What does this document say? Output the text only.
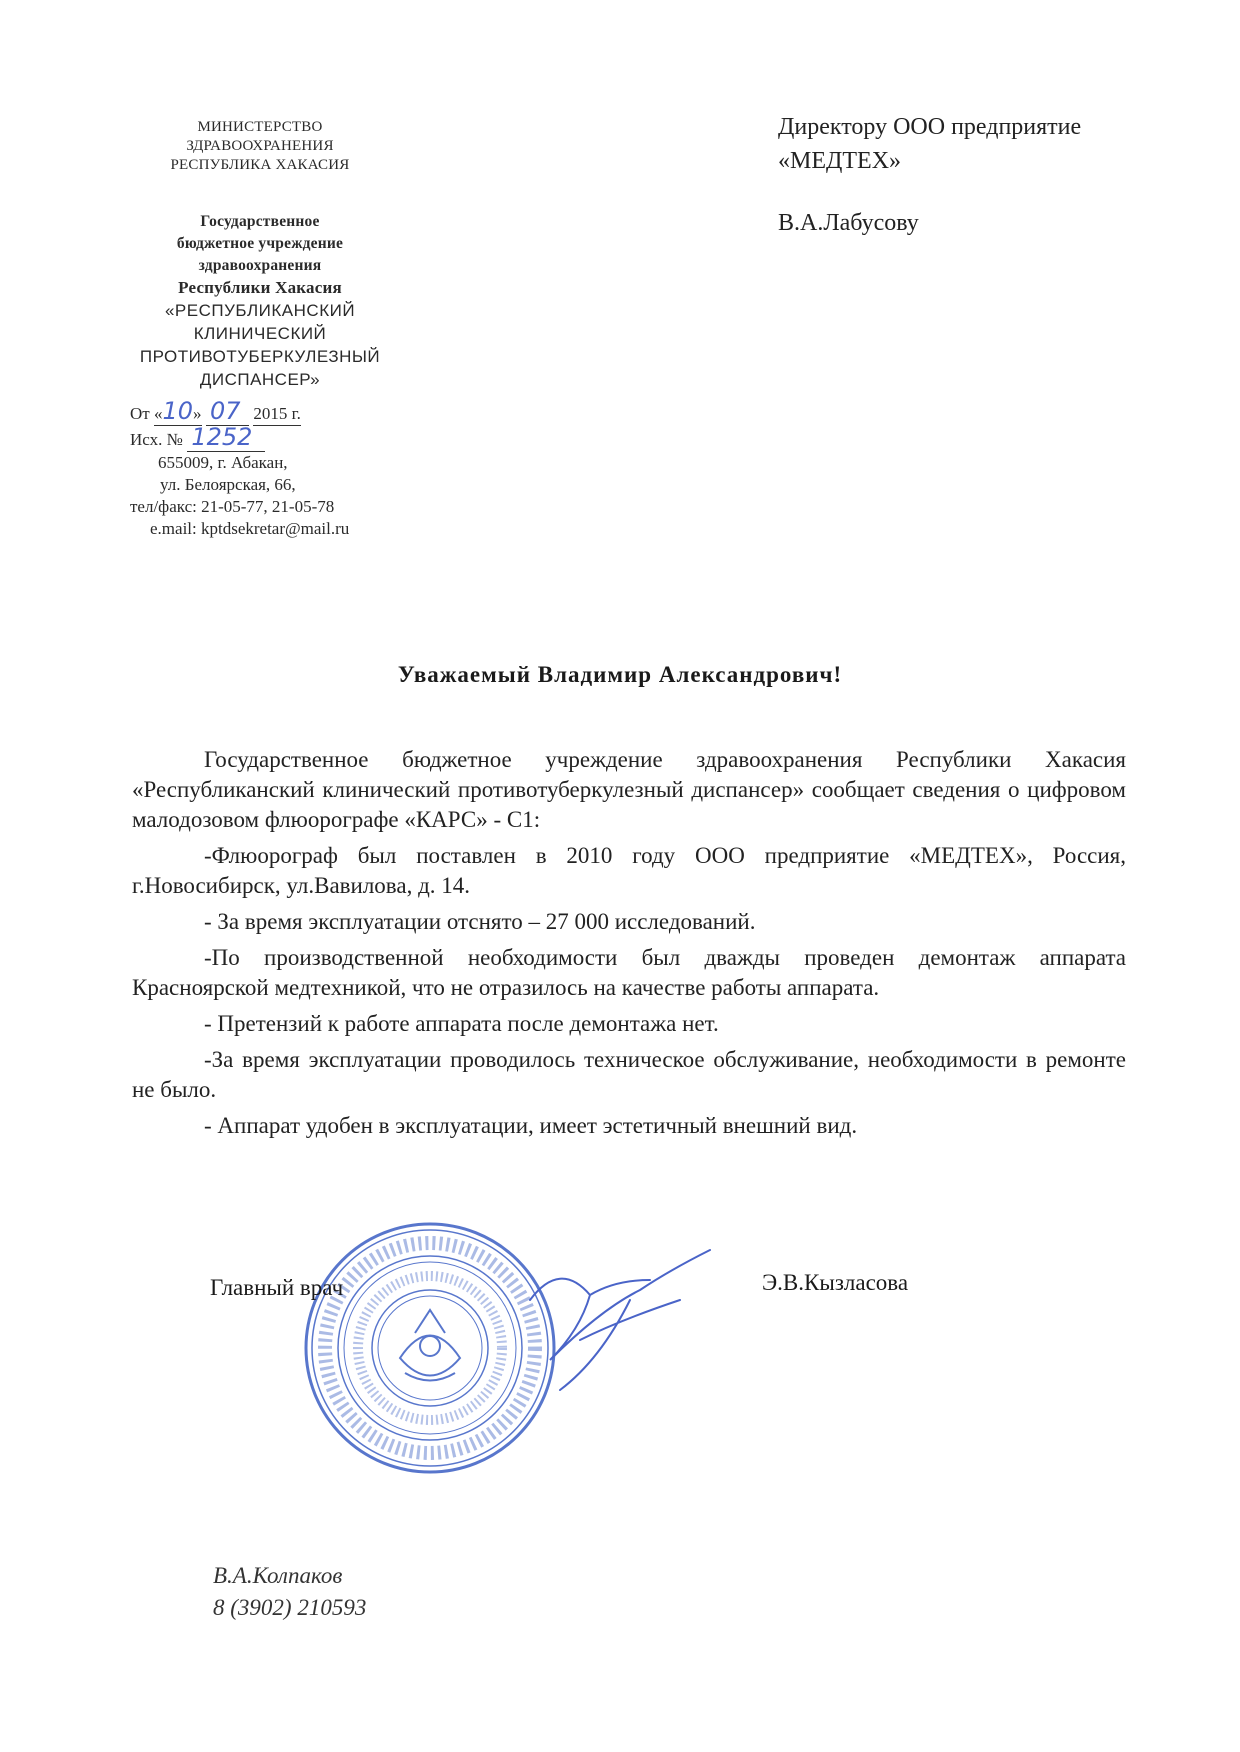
МИНИСТЕРСТВО
ЗДРАВООХРАНЕНИЯ
РЕСПУБЛИКА ХАКАСИЯ
Государственное
бюджетное учреждение
здравоохранения
Республики Хакасия
«РЕСПУБЛИКАНСКИЙ
КЛИНИЧЕСКИЙ
ПРОТИВОТУБЕРКУЛЕЗНЫЙ
ДИСПАНСЕР»
От «10» 07 2015 г.
Исх. № 1252
655009, г. Абакан,
ул. Белоярская, 66,
тел/факс: 21-05-77, 21-05-78
e.mail: kptdsekretar@mail.ru
Директору ООО предприятие
«МЕДТЕХ»
В.А.Лабусову
Уважаемый Владимир Александрович!

Государственное бюджетное учреждение здравоохранения Республики Хакасия «Республиканский клинический противотуберкулезный диспансер» сообщает сведения о цифровом малодозовом флюорографе «КАРС» - С1:

-Флюорограф был поставлен в 2010 году ООО предприятие «МЕДТЕХ», Россия, г.Новосибирск, ул.Вавилова, д. 14.

- За время эксплуатации отснято – 27 000 исследований.

-По производственной необходимости был дважды проведен демонтаж аппарата Красноярской медтехникой, что не отразилось на качестве работы аппарата.

- Претензий к работе аппарата после демонтажа нет.

-За время эксплуатации проводилось техническое обслуживание, необходимости в ремонте не было.

- Аппарат удобен в эксплуатации, имеет эстетичный внешний вид.

Главный врач	Э.В.Кызласова
В.А.Колпаков
8 (3902) 210593
